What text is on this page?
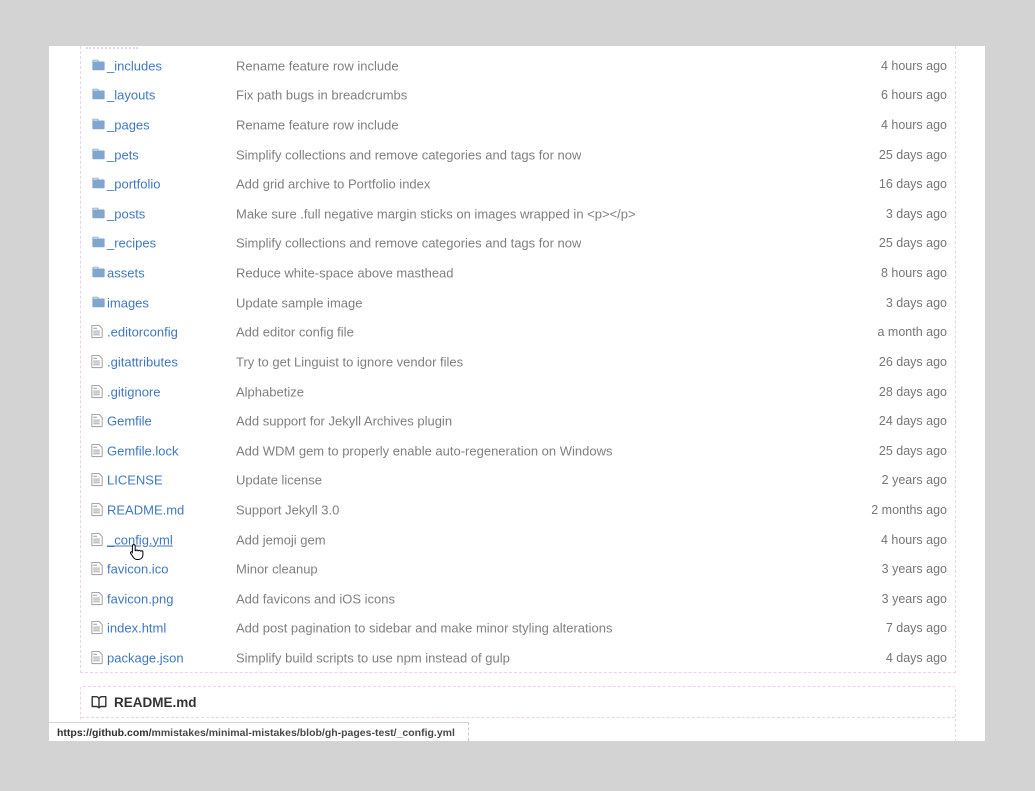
_includes	Rename feature row include	4 hours ago
_layouts	Fix path bugs in breadcrumbs	6 hours ago
_pages	Rename feature row include	4 hours ago
_pets	Simplify collections and remove categories and tags for now	25 days ago
_portfolio	Add grid archive to Portfolio index	16 days ago
_posts	Make sure .full negative margin sticks on images wrapped in <p></p>	3 days ago
_recipes	Simplify collections and remove categories and tags for now	25 days ago
assets	Reduce white-space above masthead	8 hours ago
images	Update sample image	3 days ago
.editorconfig	Add editor config file	a month ago
.gitattributes	Try to get Linguist to ignore vendor files	26 days ago
.gitignore	Alphabetize	28 days ago
Gemfile	Add support for Jekyll Archives plugin	24 days ago
Gemfile.lock	Add WDM gem to properly enable auto-regeneration on Windows	25 days ago
LICENSE	Update license	2 years ago
README.md	Support Jekyll 3.0	2 months ago
_config.yml	Add jemoji gem	4 hours ago
favicon.ico	Minor cleanup	3 years ago
favicon.png	Add favicons and iOS icons	3 years ago
index.html	Add post pagination to sidebar and make minor styling alterations	7 days ago
package.json	Simplify build scripts to use npm instead of gulp	4 days ago
README.md
https://github.com/mmistakes/minimal-mistakes/blob/gh-pages-test/_config.yml
